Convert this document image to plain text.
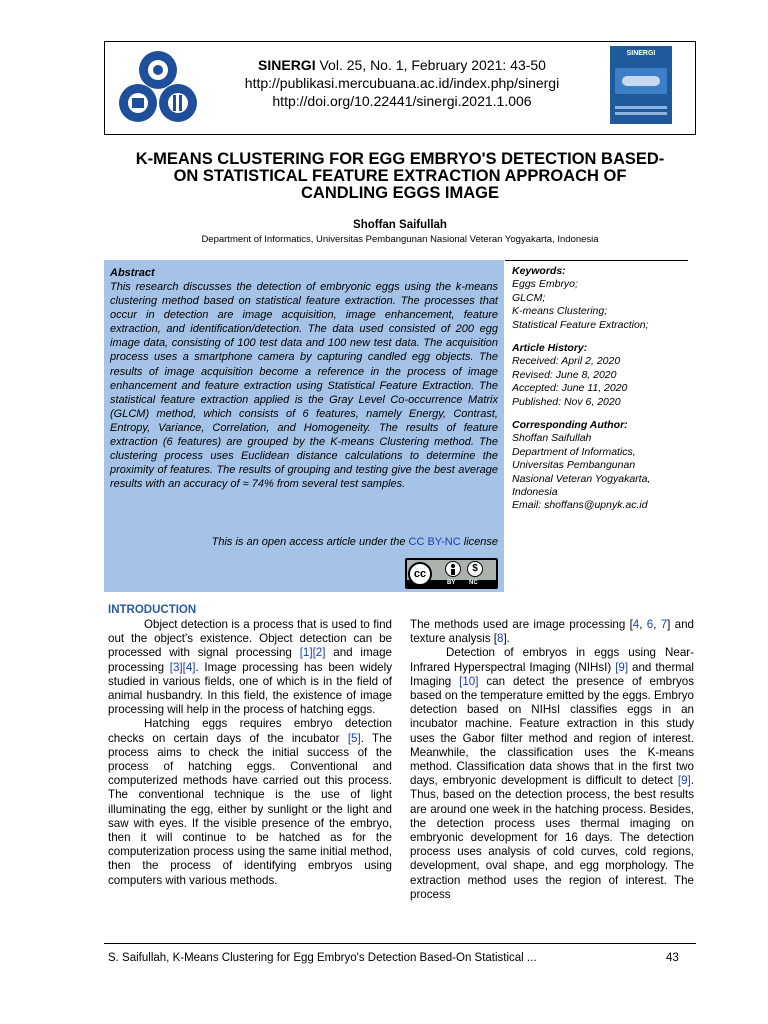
SINERGI Vol. 25, No. 1, February 2021: 43-50
http://publikasi.mercubuana.ac.id/index.php/sinergi
http://doi.org/10.22441/sinergi.2021.1.006
SINERGI
K-MEANS CLUSTERING FOR EGG EMBRYO'S DETECTION BASED-
ON STATISTICAL FEATURE EXTRACTION APPROACH OF
CANDLING EGGS IMAGE
Shoffan Saifullah
Department of Informatics, Universitas Pembangunan Nasional Veteran Yogyakarta, Indonesia
Abstract
This research discusses the detection of embryonic eggs using the k-means clustering method based on statistical feature extraction. The processes that occur in detection are image acquisition, image enhancement, feature extraction, and identification/detection. The data used consisted of 200 egg image data, consisting of 100 test data and 100 new test data. The acquisition process uses a smartphone camera by capturing candled egg objects. The results of image acquisition become a reference in the process of image enhancement and feature extraction using Statistical Feature Extraction. The statistical feature extraction applied is the Gray Level Co-occurrence Matrix (GLCM) method, which consists of 6 features, namely Energy, Contrast, Entropy, Variance, Correlation, and Homogeneity. The results of feature extraction (6 features) are grouped by the K-means Clustering method. The clustering process uses Euclidean distance calculations to determine the proximity of features. The results of grouping and testing give the best average results with an accuracy of ≈ 74% from several test samples.
This is an open access article under the CC BY-NC license
cc	$
BY NC
Keywords:
Eggs Embryo;
GLCM;
K-means Clustering;
Statistical Feature Extraction;
Article History:
Received: April 2, 2020
Revised: June 8, 2020
Accepted: June 11, 2020
Published: Nov 6, 2020
Corresponding Author:
Shoffan Saifullah
Department of Informatics,
Universitas Pembangunan
Nasional Veteran Yogyakarta,
Indonesia
Email: shoffans@upnyk.ac.id
INTRODUCTION

Object detection is a process that is used to find out the object's existence. Object detection can be processed with signal processing [1][2] and image processing [3][4]. Image processing has been widely studied in various fields, one of which is in the field of animal husbandry. In this field, the existence of image processing will help in the process of hatching eggs.

Hatching eggs requires embryo detection checks on certain days of the incubator [5]. The process aims to check the initial success of the process of hatching eggs. Conventional and computerized methods have carried out this process. The conventional technique is the use of light illuminating the egg, either by sunlight or the light and saw with eyes. If the visible presence of the embryo, then it will continue to be hatched as for the computerization process using the same initial method, then the process of identifying embryos using computers with various methods.

The methods used are image processing [4, 6, 7] and texture analysis [8].

Detection of embryos in eggs using Near-Infrared Hyperspectral Imaging (NIHsI) [9] and thermal Imaging [10] can detect the presence of embryos based on the temperature emitted by the eggs. Embryo detection based on NIHsI classifies eggs in an incubator machine. Feature extraction in this study uses the Gabor filter method and region of interest. Meanwhile, the classification uses the K-means method. Classification data shows that in the first two days, embryonic development is difficult to detect [9]. Thus, based on the detection process, the best results are around one week in the hatching process. Besides, the detection process uses thermal imaging on embryonic development for 16 days. The detection process uses analysis of cold curves, cold regions, development, oval shape, and egg morphology. The extraction method uses the region of interest. The process

S. Saifullah, K-Means Clustering for Egg Embryo's Detection Based-On Statistical ...	43
